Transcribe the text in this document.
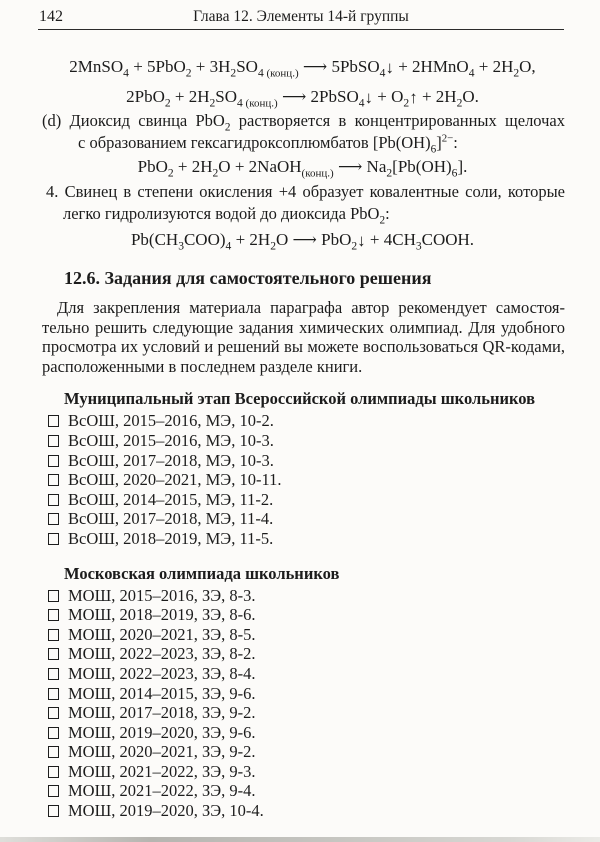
142	Глава 12. Элементы 14-й группы
2MnSO$_4$ + $5PbO_2 + 3H_2SO_4$ $_{(конц.)}$ ⟶ 5PbSO$_4$↓ + 2HMnO$_4$ + $2H_2O$,
$2PbO_2 + 2H_2SO_4$ $_{(конц.)}$ ⟶ 2PbSO$_4$↓ + $O_2↑ + 2H_2O$.
(d) Диоксид свинца PbO$_2$ растворяется в концентрированных щелочах
с образованием гексагидроксоплюмбатов $[Pb(OH)_6]^{2-}$:
$PbO_2 + 2H_2O$ + 2NaOH$_{(конц.)}$ ⟶ $Na_2[Pb(OH)_6]$.
4. Свинец в степени окисления +4 образует ковалентные соли, которые
легко гидролизуются водой до диоксида PbO$_2$:
$Pb(CH_3COO)_4 + 2H_2O$ ⟶ PbO$_2$↓ + $4CH_3COOH$.
12.6. Задания для самостоятельного решения
Для закрепления материала параграфа автор рекомендует самостоя-
тельно решить следующие задания химических олимпиад. Для удобного
просмотра их условий и решений вы можете воспользоваться QR-кодами,
расположенными в последнем разделе книги.
Муниципальный этап Всероссийской олимпиады школьников
ВсОШ, 2015–2016, МЭ, 10-2.
ВсОШ, 2015–2016, МЭ, 10-3.
ВсОШ, 2017–2018, МЭ, 10-3.
ВсОШ, 2020–2021, МЭ, 10-11.
ВсОШ, 2014–2015, МЭ, 11-2.
ВсОШ, 2017–2018, МЭ, 11-4.
ВсОШ, 2018–2019, МЭ, 11-5.
Московская олимпиада школьников
МОШ, 2015–2016, ЗЭ, 8-3.
МОШ, 2018–2019, ЗЭ, 8-6.
МОШ, 2020–2021, ЗЭ, 8-5.
МОШ, 2022–2023, ЗЭ, 8-2.
МОШ, 2022–2023, ЗЭ, 8-4.
МОШ, 2014–2015, ЗЭ, 9-6.
МОШ, 2017–2018, ЗЭ, 9-2.
МОШ, 2019–2020, ЗЭ, 9-6.
МОШ, 2020–2021, ЗЭ, 9-2.
МОШ, 2021–2022, ЗЭ, 9-3.
МОШ, 2021–2022, ЗЭ, 9-4.
МОШ, 2019–2020, ЗЭ, 10-4.
